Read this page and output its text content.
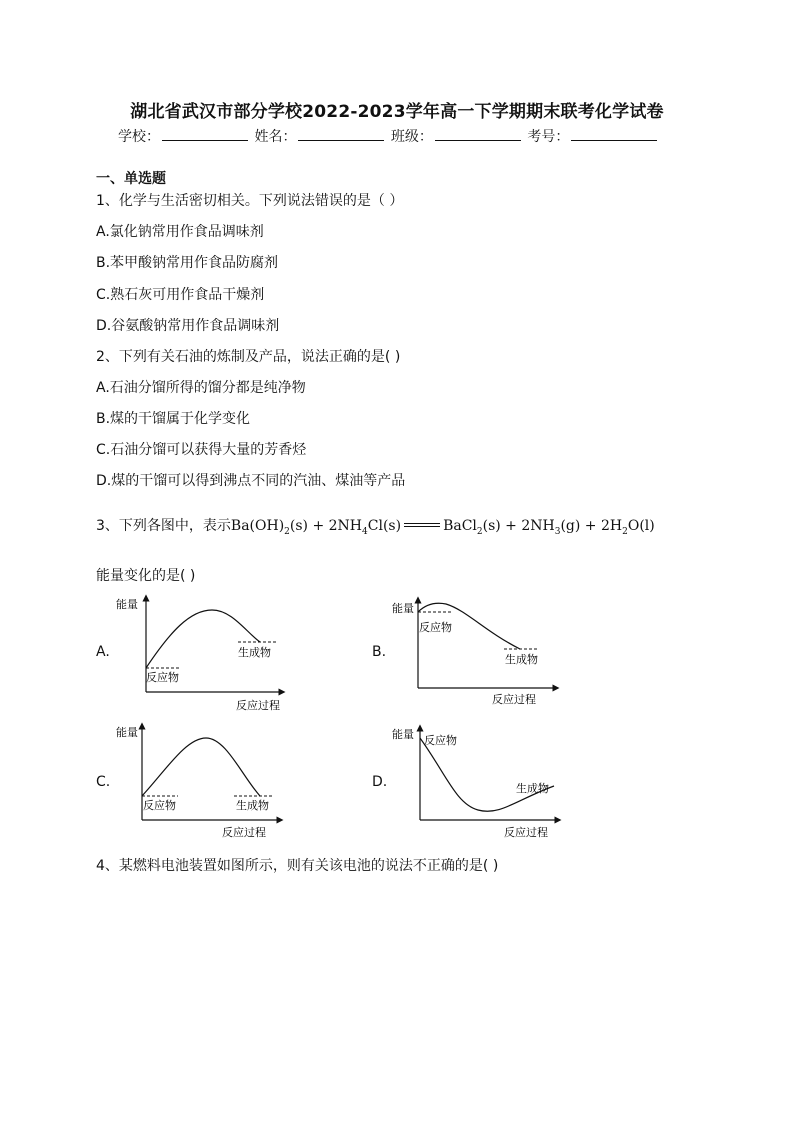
湖北省武汉市部分学校2022-2023学年高一下学期期末联考化学试卷
学校：	姓名：	班级：	考号：
一、单选题
1、化学与生活密切相关。下列说法错误的是（ ）
A.氯化钠常用作食品调味剂
B.苯甲酸钠常用作食品防腐剂
C.熟石灰可用作食品干燥剂
D.谷氨酸钠常用作食品调味剂
2、下列有关石油的炼制及产品，说法正确的是( )
A.石油分馏所得的馏分都是纯净物
B.煤的干馏属于化学变化
C.石油分馏可以获得大量的芳香烃
D.煤的干馏可以得到沸点不同的汽油、煤油等产品
3、下列各图中，表示$Ba(OH)_2(s) + 2NH_4Cl(s)$	BaCl$_2$(s) + $2NH_3(g) + 2H_2O(l)$
能量变化的是( )
A.	B.
C.	D.
能量
反应物
生成物
反应过程
能量
反应物
生成物
反应过程
能量
反应物	生成物
反应过程
能量 反应物
生成物
反应过程
4、某燃料电池装置如图所示，则有关该电池的说法不正确的是( )
